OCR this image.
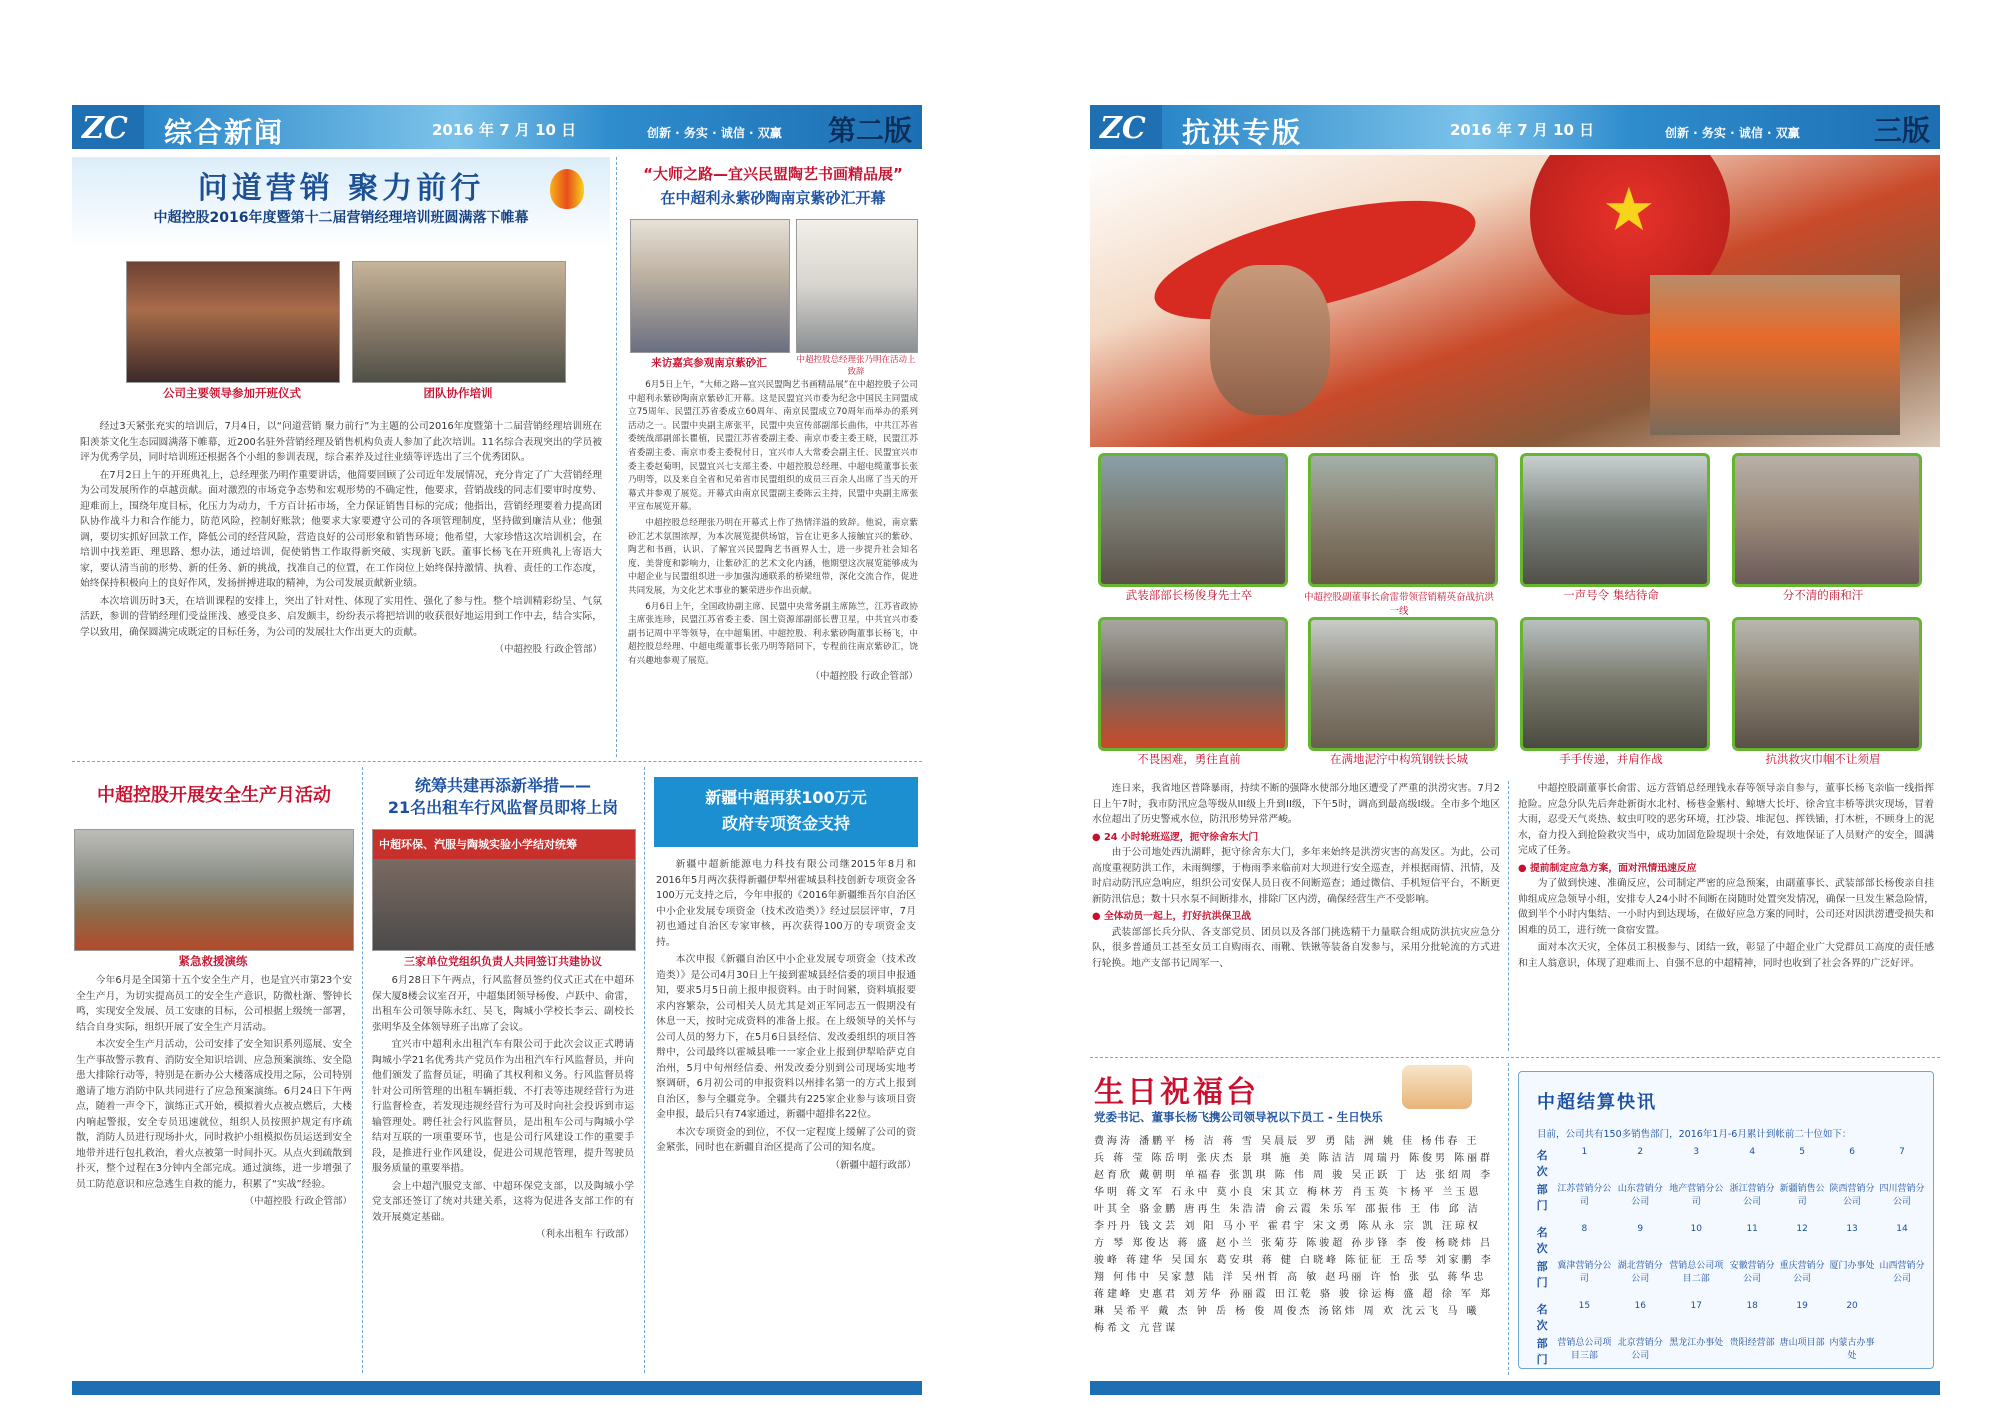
ZC 综合新闻	2016 年 7 月 10 日	创新 · 务实 · 诚信 · 双赢 第二版
问道营销 聚力前行
中超控股2016年度暨第十二届营销经理培训班圆满落下帷幕
公司主要领导参加开班仪式	团队协作培训

经过3天紧张充实的培训后，7月4日，以“问道营销 聚力前行”为主题的公司2016年度暨第十二届营销经理培训班在阳羡茶文化生态园圆满落下帷幕，近200名驻外营销经理及销售机构负责人参加了此次培训。11名综合表现突出的学员被评为优秀学员，同时培训班还根据各个小组的参训表现，综合素养及过往业绩等评选出了三个优秀团队。

在7月2日上午的开班典礼上，总经理张乃明作重要讲话，他简要回顾了公司近年发展情况，充分肯定了广大营销经理为公司发展所作的卓越贡献。面对激烈的市场竞争态势和宏观形势的不确定性，他要求，营销战线的同志们要审时度势、迎难而上，围绕年度目标，化压力为动力，千方百计拓市场，全力保证销售目标的完成；他指出，营销经理要着力提高团队协作战斗力和合作能力，防范风险，控制好账款；他要求大家要遵守公司的各项管理制度，坚持做到廉洁从业；他强调，要切实抓好回款工作，降低公司的经营风险，营造良好的公司形象和销售环境；他希望，大家珍惜这次培训机会，在培训中找差距、理思路、想办法，通过培训，促使销售工作取得新突破、实现新飞跃。董事长杨飞在开班典礼上寄语大家，要认清当前的形势、新的任务、新的挑战，找准自己的位置，在工作岗位上始终保持激情、执着、责任的工作态度，始终保持积极向上的良好作风，发扬拼搏进取的精神，为公司发展贡献新业绩。

本次培训历时3天，在培训课程的安排上，突出了针对性、体现了实用性、强化了参与性。整个培训精彩纷呈、气氛活跃，参训的营销经理们受益匪浅、感受良多、启发颇丰，纷纷表示将把培训的收获很好地运用到工作中去，结合实际，学以致用，确保圆满完成既定的目标任务，为公司的发展壮大作出更大的贡献。

（中超控股 行政企管部）
“大师之路—宜兴民盟陶艺书画精品展”
在中超利永紫砂陶南京紫砂汇开幕
来访嘉宾参观南京紫砂汇	中超控股总经理张乃明在活动上致辞

6月5日上午，“大师之路—宜兴民盟陶艺书画精品展”在中超控股子公司中超利永紫砂陶南京紫砂汇开幕。这是民盟宜兴市委为纪念中国民主同盟成立75周年、民盟江苏省委成立60周年、南京民盟成立70周年而举办的系列活动之一。民盟中央副主席张平，民盟中央宣传部副部长曲伟，中共江苏省委统战部副部长瞿植，民盟江苏省委副主委、南京市委主委王晓，民盟江苏省委副主委、南京市委主委倪付日，宜兴市人大常委会副主任、民盟宜兴市委主委赵菊明，民盟宜兴七支部主委、中超控股总经理、中超电缆董事长张乃明等，以及来自全省和兄弟省市民盟组织的成员三百余人出席了当天的开幕式并参观了展览。开幕式由南京民盟副主委陈云主持，民盟中央副主席张平宣布展览开幕。

中超控股总经理张乃明在开幕式上作了热情洋溢的致辞。他说，南京紫砂汇艺术氛围浓厚，为本次展览提供场馆，旨在让更多人接触宜兴的紫砂、陶艺和书画，认识、了解宜兴民盟陶艺书画界人士，进一步提升社会知名度、美誉度和影响力，让紫砂汇的艺术文化内涵，他期望这次展览能够成为中超企业与民盟组织进一步加强沟通联系的桥梁纽带，深化交流合作，促进共同发展，为文化艺术事业的繁荣进步作出贡献。

6月6日上午，全国政协副主席、民盟中央常务副主席陈竺，江苏省政协主席张连珍，民盟江苏省委主委、国土资源部副部长曹卫星，中共宜兴市委副书记周中平等领导，在中超集团、中超控股、利永紫砂陶董事长杨飞，中超控股总经理、中超电缆董事长张乃明等陪同下，专程前往南京紫砂汇，饶有兴趣地参观了展览。

（中超控股 行政企管部）
中超控股开展安全生产月活动
紧急救援演练

今年6月是全国第十五个安全生产月，也是宜兴市第23个安全生产月，为切实提高员工的安全生产意识，防微杜渐、警钟长鸣，实现安全发展、员工安康的目标，公司根据上级统一部署，结合自身实际，组织开展了安全生产月活动。

本次安全生产月活动，公司安排了安全知识系列巡展、安全生产事故警示教育、消防安全知识培训、应急预案演练、安全隐患大排除行动等，特别是在新办公大楼落成投用之际，公司特别邀请了地方消防中队共同进行了应急预案演练。6月24日下午两点，随着一声令下，演练正式开始，模拟着火点被点燃后，大楼内响起警报，安全专员迅速就位，组织人员按照护规定有序疏散，消防人员进行现场扑火，同时救护小组模拟伤员运送到安全地带并进行包扎救治，着火点被第一时间扑灭。从点火到疏散到扑灭，整个过程在3分钟内全部完成。通过演练，进一步增强了员工防范意识和应急逃生自救的能力，积累了“实战”经验。

（中超控股 行政企管部）
统筹共建再添新举措——
21名出租车行风监督员即将上岗
中超环保、汽服与陶城实验小学结对统筹
三家单位党组织负责人共同签订共建协议

6月28日下午两点，行风监督员签约仪式正式在中超环保大厦8楼会议室召开，中超集团领导杨俊、卢跃中、俞雷，出租车公司领导陈永红、吴飞，陶城小学校长李云、副校长张明华及全体领导班子出席了会议。

宜兴市中超利永出租汽车有限公司于此次会议正式聘请陶城小学21名优秀共产党员作为出租汽车行风监督员，并向他们颁发了监督员证，明确了其权利和义务。行风监督员将针对公司所管理的出租车辆拒载、不打表等违规经营行为进行监督检查，若发现违规经营行为可及时向社会投诉到市运输管理处。聘任社会行风监督员，是出租车公司与陶城小学结对互联的一项重要环节，也是公司行风建设工作的重要手段，是推进行业作风建设，促进公司规范管理，提升驾驶员服务质量的重要举措。

会上中超汽服党支部、中超环保党支部，以及陶城小学党支部还签订了统对共建关系，这将为促进各支部工作的有效开展奠定基础。

（利永出租车 行政部）
新疆中超再获100万元
政府专项资金支持

新疆中超新能源电力科技有限公司继2015年8月和2016年5月两次获得新疆伊犁州霍城县科技创新专项资金各100万元支持之后，今年申报的《2016年新疆维吾尔自治区中小企业发展专项资金（技术改造类）》经过层层评审，7月初也通过自治区专家审核，再次获得100万的专项资金支持。

本次申报《新疆自治区中小企业发展专项资金（技术改造类）》是公司4月30日上午接到霍城县经信委的项目申报通知，要求5月5日前上报申报资料。由于时间紧，资料填报要求内容繁杂，公司相关人员尤其是刘正军同志五一假期没有休息一天，按时完成资料的准备上报。在上级领导的关怀与公司人员的努力下，在5月6日县经信、发改委组织的项目答辩中，公司最终以霍城县唯一一家企业上报到伊犁哈萨克自治州，5月中旬州经信委、州发改委分别到公司现场实地考察调研，6月初公司的申报资料以州排名第一的方式上报到自治区，参与全疆竞争。全疆共有225家企业参与该项目资金申报，最后只有74家通过，新疆中超排名22位。

本次专项资金的到位，不仅一定程度上缓解了公司的资金紧张，同时也在新疆自治区提高了公司的知名度。

（新疆中超行政部）
ZC 抗洪专版	2016 年 7 月 10 日	创新 · 务实 · 诚信 · 双赢	三版
★
武装部部长杨俊身先士卒	中超控股副董事长俞雷带领营销精英奋战抗洪一线
一声号令 集结待命	分不清的雨和汗
不畏困难，勇往直前	在满地泥泞中构筑钢铁长城	手手传递，并肩作战	抗洪救灾巾帼不让须眉

连日来，我省地区普降暴雨，持续不断的强降水使部分地区遭受了严重的洪涝灾害。7月2日上午7时，我市防汛应急等级从III级上升到II级，下午5时，调高到最高级I级。全市多个地区水位超出了历史警戒水位，防汛形势异常严峻。

● 24 小时轮班巡逻，扼守徐舍东大门

由于公司地处西氿湖畔，扼守徐舍东大门，多年来始终是洪涝灾害的高发区。为此，公司高度重视防洪工作，未雨绸缪，于梅雨季来临前对大坝进行安全巡查，并根据雨情、汛情，及时启动防汛应急响应，组织公司安保人员日夜不间断巡查；通过微信、手机短信平台，不断更新防汛信息；数十只水泵不间断排水，排除厂区内涝，确保经营生产不受影响。

● 全体动员一起上，打好抗洪保卫战

武装部部长兵分队、各支部党员、团员以及各部门挑选精干力量联合组成防洪抗灾应急分队，很多普通员工甚至女员工自购雨衣、雨靴、铁锹等装备自发参与，采用分批轮流的方式进行轮换。地产支部书记周军一、

中超控股副董事长俞雷、远方营销总经理钱永春等领导亲自参与，董事长杨飞亲临一线指挥抢险。应急分队先后奔赴新街水北村、杨巷金紫村、鲸塘大长圩、徐舍宜丰桥等洪灾现场，冒着大雨，忍受天气炎热、蚊虫叮咬的恶劣环境，扛沙袋、堆泥包、挥铁锸，打木桩，不顾身上的泥水，奋力投入到抢险救灾当中，成功加固危险堤坝十余处，有效地保证了人员财产的安全，圆满完成了任务。

● 提前制定应急方案，面对汛情迅速反应

为了做到快速、准确反应，公司制定严密的应急预案，由副董事长、武装部部长杨俊亲自挂帅组成应急领导小组，安排专人24小时不间断在岗随时处置突发情况，确保一旦发生紧急险情，做到半个小时内集结、一小时内到达现场，在做好应急方案的同时，公司还对因洪涝遭受损失和困难的员工，进行统一食宿安置。

面对本次天灾，全体员工积极参与、团结一致，彰显了中超企业广大党群员工高度的责任感和主人翁意识，体现了迎难而上、自强不息的中超精神，同时也收到了社会各界的广泛好评。

生日祝福台
党委书记、董事长杨飞携公司领导祝以下员工 - 生日快乐
费海涛 潘鹏平 杨 洁 蒋 雪 吴晨辰 罗 勇 陆 洲 姚 佳 杨伟春 王 兵 蒋 莹 陈岳明 张庆杰 景 琪 施 美 陈洁洁 周瑞丹 陈俊男 陈丽群 赵育欣 戴朝明 单福春 张凯琪 陈 伟 周 骏 吴正跃 丁 达 张绍周 李华明 蒋文军 石永中 莫小良 宋其立 梅林芳 肖玉英 卞杨平 兰玉恩 叶其全 骆金鹏 唐再生 朱浩清 俞云霞 朱乐军 邵振伟 王 伟 邱 洁 李丹丹 钱文芸 刘 阳 马小平 霍君宇 宋文勇 陈从永 宗 凯 汪琼权 方 琴 郑俊达 蒋 盛 赵小兰 张菊芬 陈骏超 孙步锋 李 俊 杨晓炜 吕骏峰 蒋建华 吴国东 葛安琪 蒋 健 白晓峰 陈征征 王岳琴 刘家鹏 李 翔 何伟中 吴家慧 陆 洋 吴州哲 高 敏 赵玛丽 许 怡 张 弘 蒋华忠 蒋建峰 史惠君 刘芳华 孙丽霞 田江乾 骆 骏 徐运梅 盛 超 徐 军 郑 琳 吴希平 戴 杰 钟 岳 杨 俊 周俊杰 汤铭炜 周 欢 沈云飞 马 曦 梅希文 亢营谋
中超结算快讯
目前，公司共有150多销售部门，2016年1月-6月累计到帐前二十位如下：
名次	1	2	3	4	5	6	7
部门	江苏营销分公司	山东营销分公司	地产营销分公司	浙江营销分公司	新疆销售公司	陕西营销分公司	四川营销分公司
名次	8	9	10	11	12	13	14
部门	冀津营销分公司	湖北营销分公司	营销总公司项目二部	安徽营销分公司	重庆营销分公司	厦门办事处	山西营销分公司
名次	15	16	17	18	19	20	
部门	营销总公司项目三部	北京营销分公司	黑龙江办事处	贵阳经营部	唐山项目部	内蒙古办事处	
